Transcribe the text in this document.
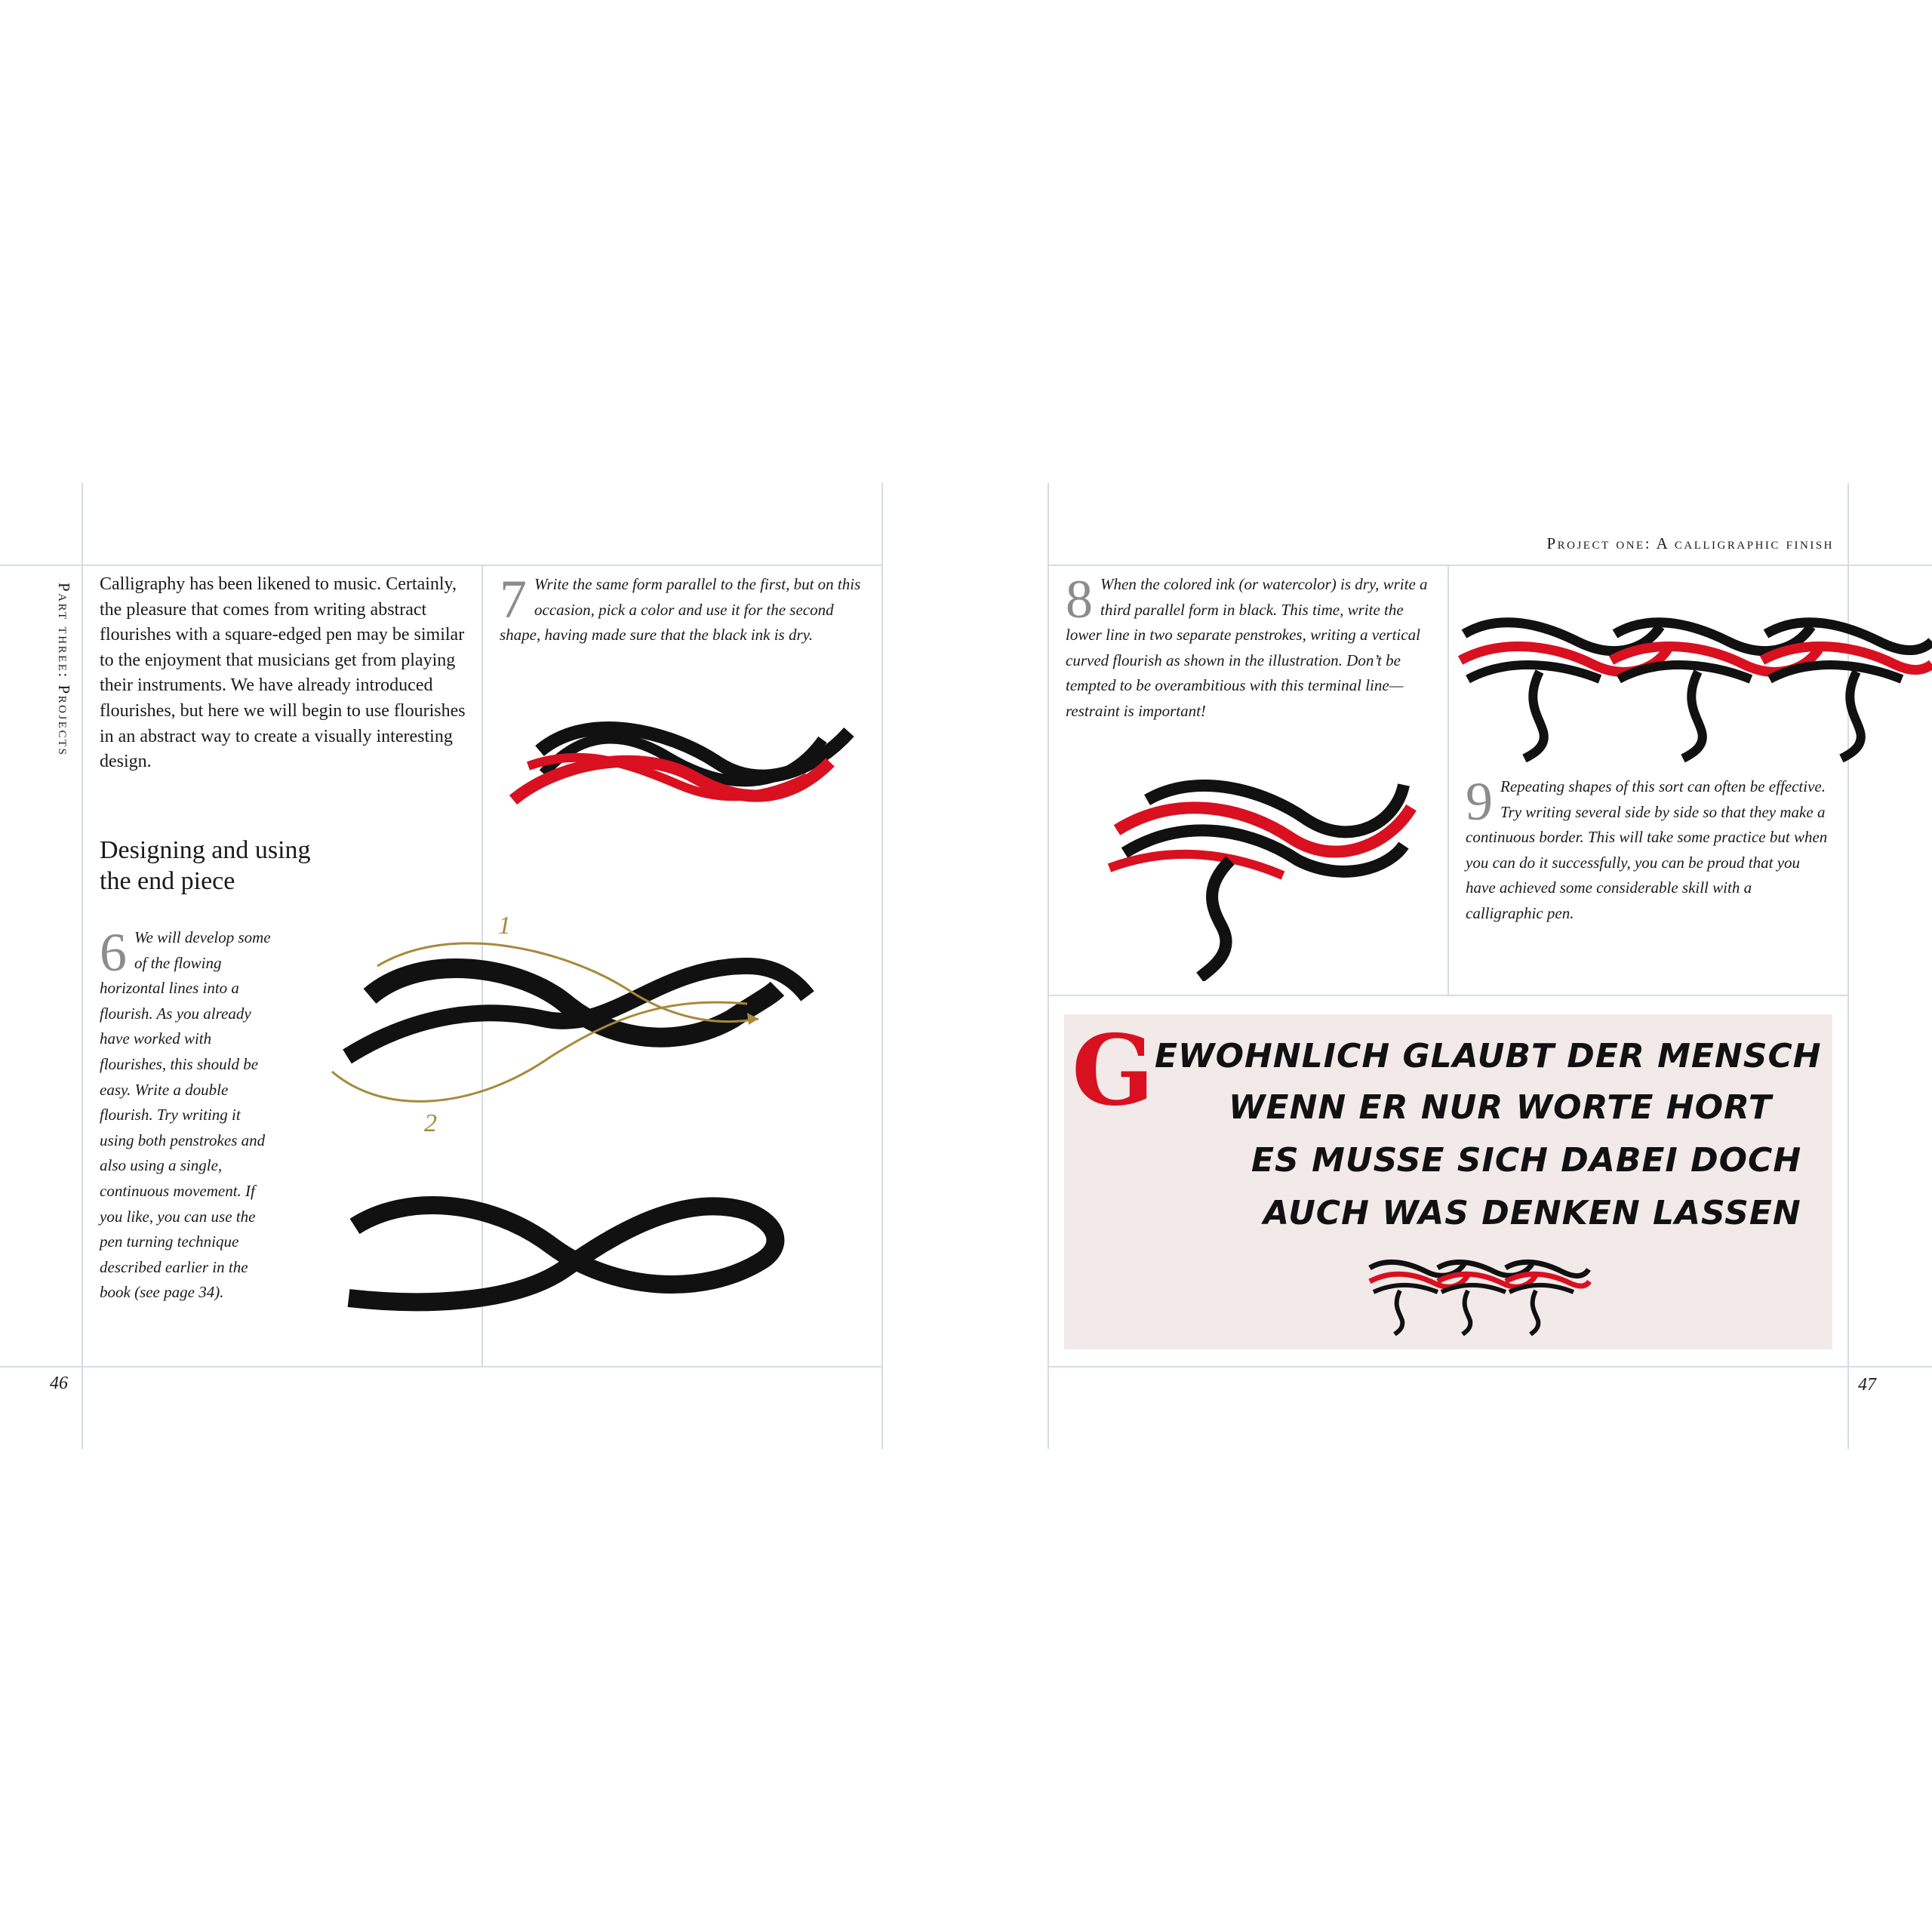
Part three: Projects Calligraphy has been likened to music. Certainly, the pleasure that comes from writing abstract flourishes with a square-edged pen may be similar to the enjoyment that musicians get from playing their instruments. We have already introduced flourishes, but here we will begin to use flourishes in an abstract way to create a visually interesting design.

Designing and using
the end piece
6 We will develop some of the flowing horizontal lines into a flourish. As you already have worked with flourishes, this should be easy. Write a double flourish. Try writing it using both penstrokes and also using a single, continuous movement. If you like, you can use the pen turning technique described earlier in the book (see page 34).
7 Write the same form parallel to the first, but on this occasion, pick a color and use it for the second shape, having made sure that the black ink is dry.
1
2
46
Project one: A calligraphic finish
8 When the colored ink (or watercolor) is dry, write a third parallel form in black. This time, write the lower line in two separate penstrokes, writing a vertical curved flourish as shown in the illustration. Don’t be tempted to be overambitious with this terminal line—restraint is important!
9 Repeating shapes of this sort can often be effective. Try writing several side by side so that they make a continuous border. This will take some practice but when you can do it successfully, you can be proud that you have achieved some considerable skill with a calligraphic pen.
G EWOHNLICH GLAUBT DER MENSCH
WENN ER NUR WORTE HORT
ES MUSSE SICH DABEI DOCH
AUCH WAS DENKEN LASSEN
47
